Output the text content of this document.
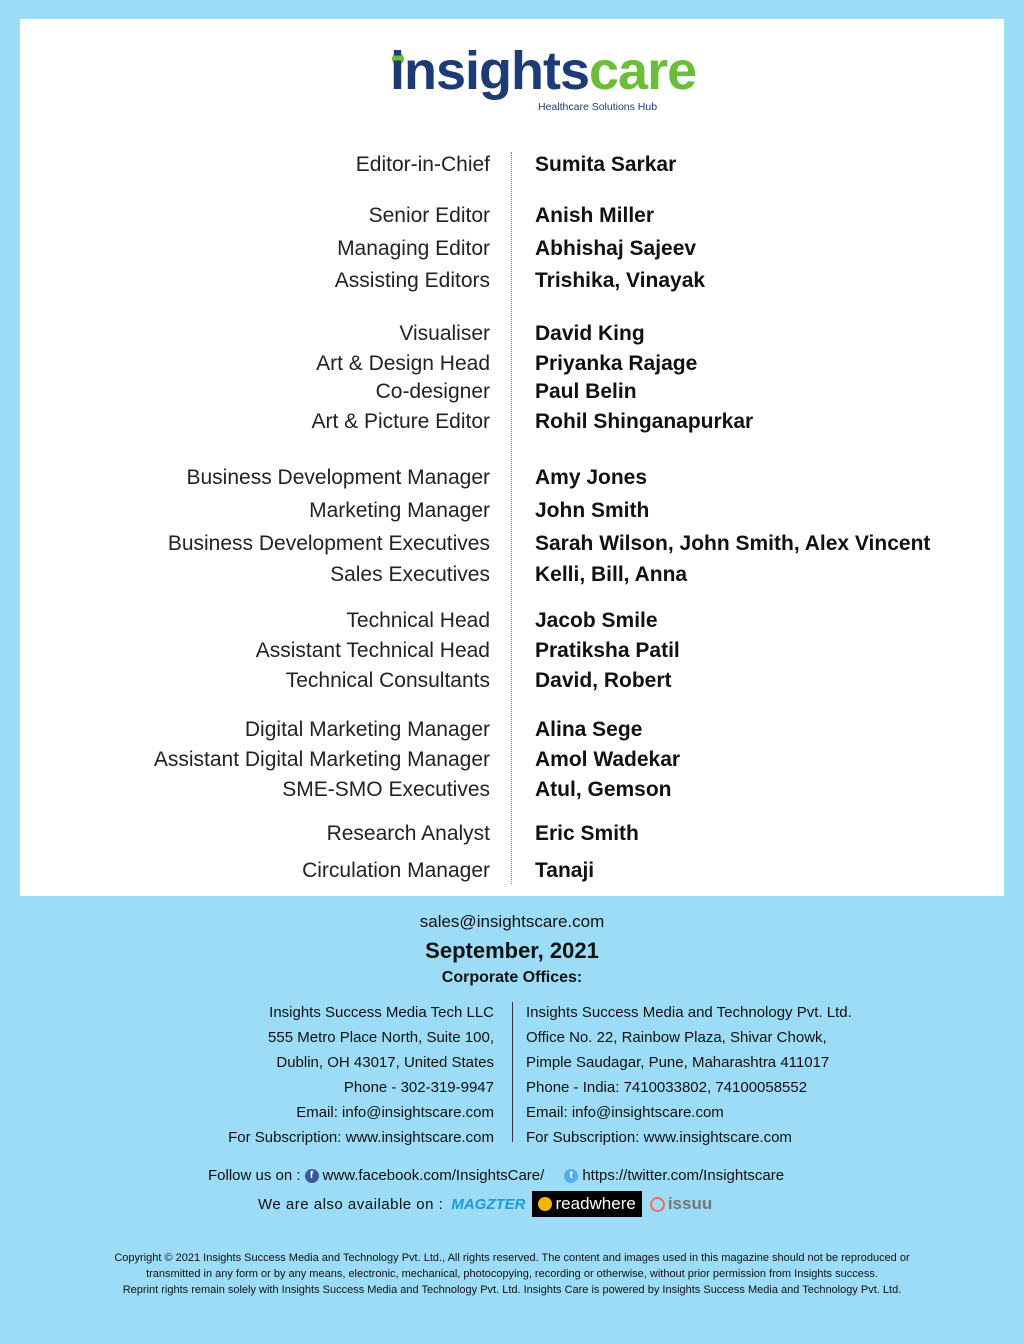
insightscare
Healthcare Solutions Hub
Editor-in-Chief Sumita Sarkar
Senior Editor Anish Miller
Managing Editor Abhishaj Sajeev
Assisting Editors Trishika, Vinayak
Visualiser David King
Art & Design Head Priyanka Rajage
Co-designer Paul Belin
Art & Picture Editor Rohil Shinganapurkar
Business Development Manager Amy Jones
Marketing Manager John Smith
Business Development Executives Sarah Wilson, John Smith, Alex Vincent
Sales Executives Kelli, Bill, Anna
Technical Head Jacob Smile
Assistant Technical Head Pratiksha Patil
Technical Consultants David, Robert
Digital Marketing Manager Alina Sege
Assistant Digital Marketing Manager Amol Wadekar
SME-SMO Executives Atul, Gemson
Research Analyst Eric Smith
Circulation Manager Tanaji
sales@insightscare.com
September, 2021
Corporate Offices:
Insights Success Media Tech LLC
555 Metro Place North, Suite 100,
Dublin, OH 43017, United States
Phone - 302-319-9947
Email: info@insightscare.com
For Subscription: www.insightscare.com
Insights Success Media and Technology Pvt. Ltd.
Office No. 22, Rainbow Plaza, Shivar Chowk,
Pimple Saudagar, Pune, Maharashtra 411017
Phone - India: 7410033802, 74100058552
Email: info@insightscare.com
For Subscription: www.insightscare.com
Follow us on : f www.facebook.com/InsightsCare/	t https://twitter.com/Insightscare
We are also available on : MAGZTER readwhere issuu
Copyright © 2021 Insights Success Media and Technology Pvt. Ltd., All rights reserved. The content and images used in this magazine should not be reproduced or
transmitted in any form or by any means, electronic, mechanical, photocopying, recording or otherwise, without prior permission from Insights success.
Reprint rights remain solely with Insights Success Media and Technology Pvt. Ltd. Insights Care is powered by Insights Success Media and Technology Pvt. Ltd.
